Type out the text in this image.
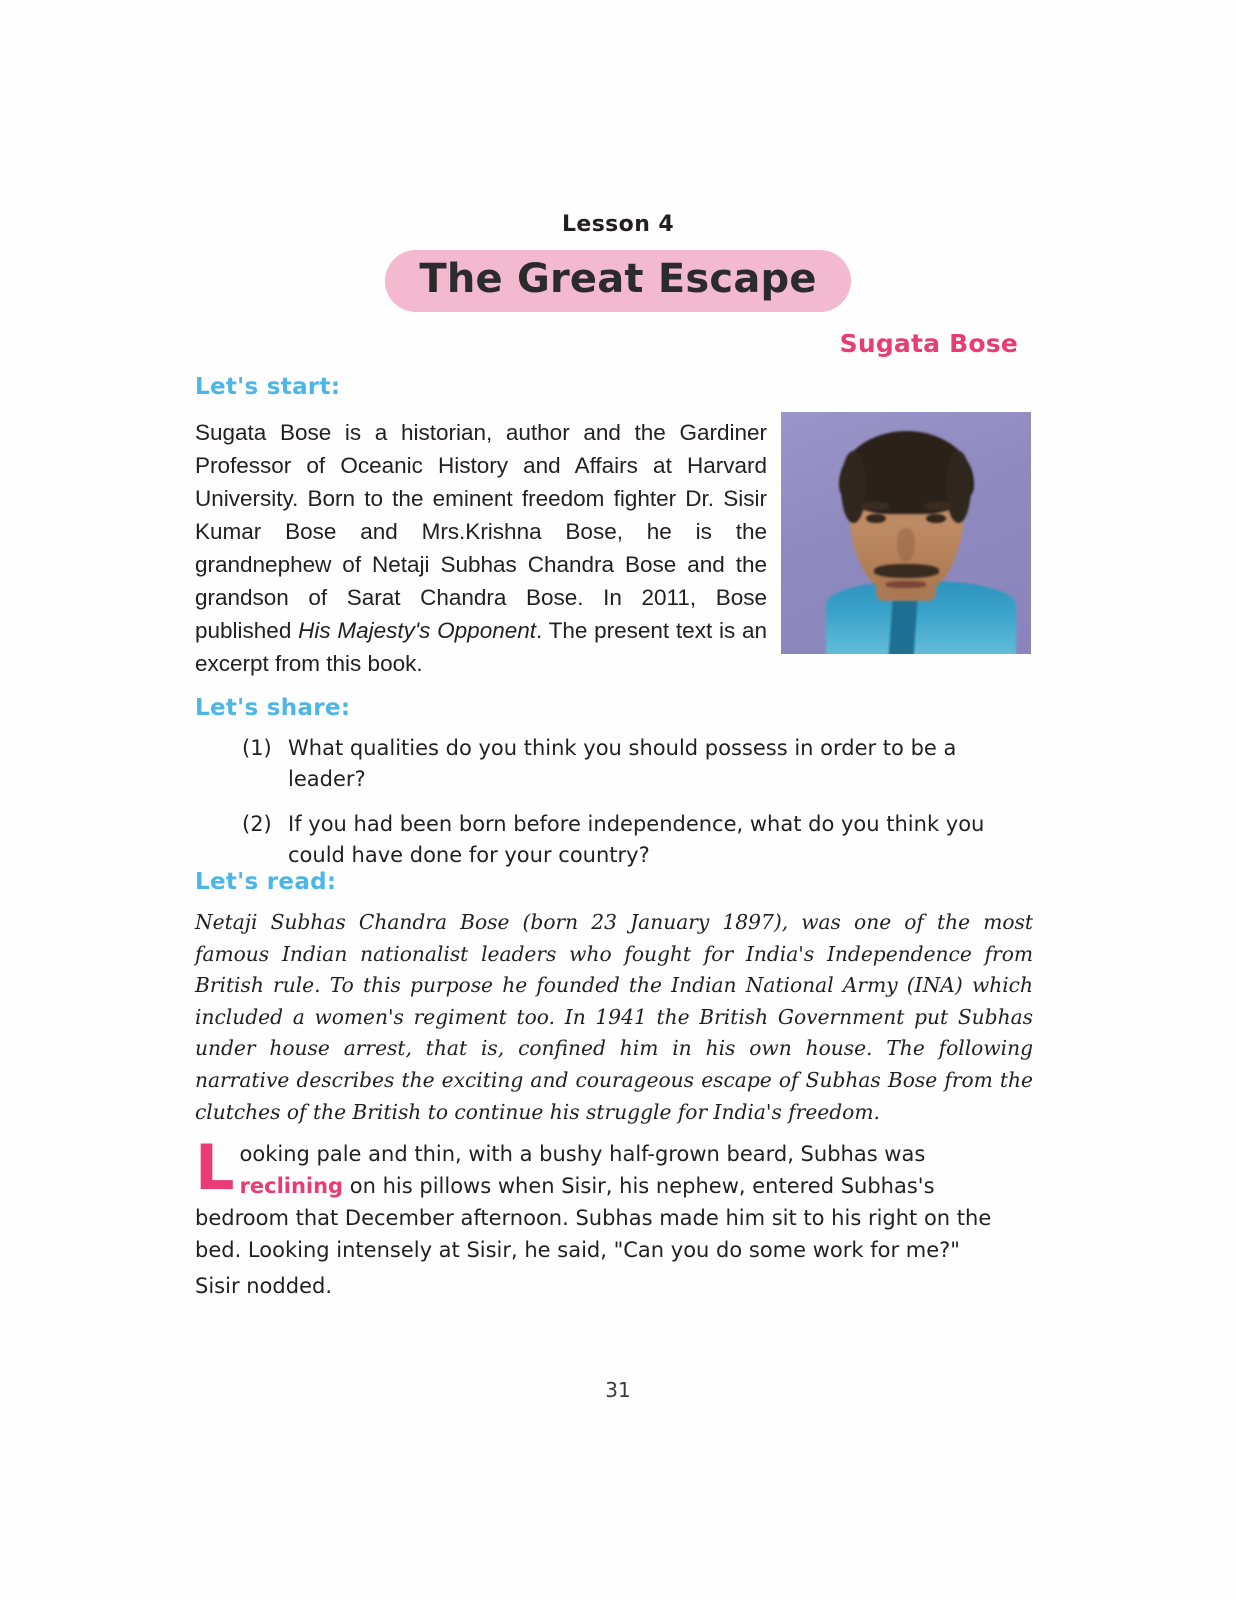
Lesson 4
The Great Escape
Sugata Bose
Let's start:
Sugata Bose is a historian, author and the Gardiner Professor of Oceanic History and Affairs at Harvard University. Born to the eminent freedom fighter Dr. Sisir Kumar Bose and Mrs.Krishna Bose, he is the grandnephew of Netaji Subhas Chandra Bose and the grandson of Sarat Chandra Bose. In 2011, Bose published His Majesty's Opponent. The present text is an excerpt from this book.
Let's share:
(1) What qualities do you think you should possess in order to be a leader?
(2) If you had been born before independence, what do you think you could have done for your country?
Let's read:
Netaji Subhas Chandra Bose (born 23 January 1897), was one of the most famous Indian nationalist leaders who fought for India's Independence from British rule. To this purpose he founded the Indian National Army (INA) which included a women's regiment too. In 1941 the British Government put Subhas under house arrest, that is, confined him in his own house. The following narrative describes the exciting and courageous escape of Subhas Bose from the clutches of the British to continue his struggle for India's freedom.
Looking pale and thin, with a bushy half-grown beard, Subhas was reclining on his pillows when Sisir, his nephew, entered Subhas's bedroom that December afternoon. Subhas made him sit to his right on the bed. Looking intensely at Sisir, he said, "Can you do some work for me?"
Sisir nodded.
31
